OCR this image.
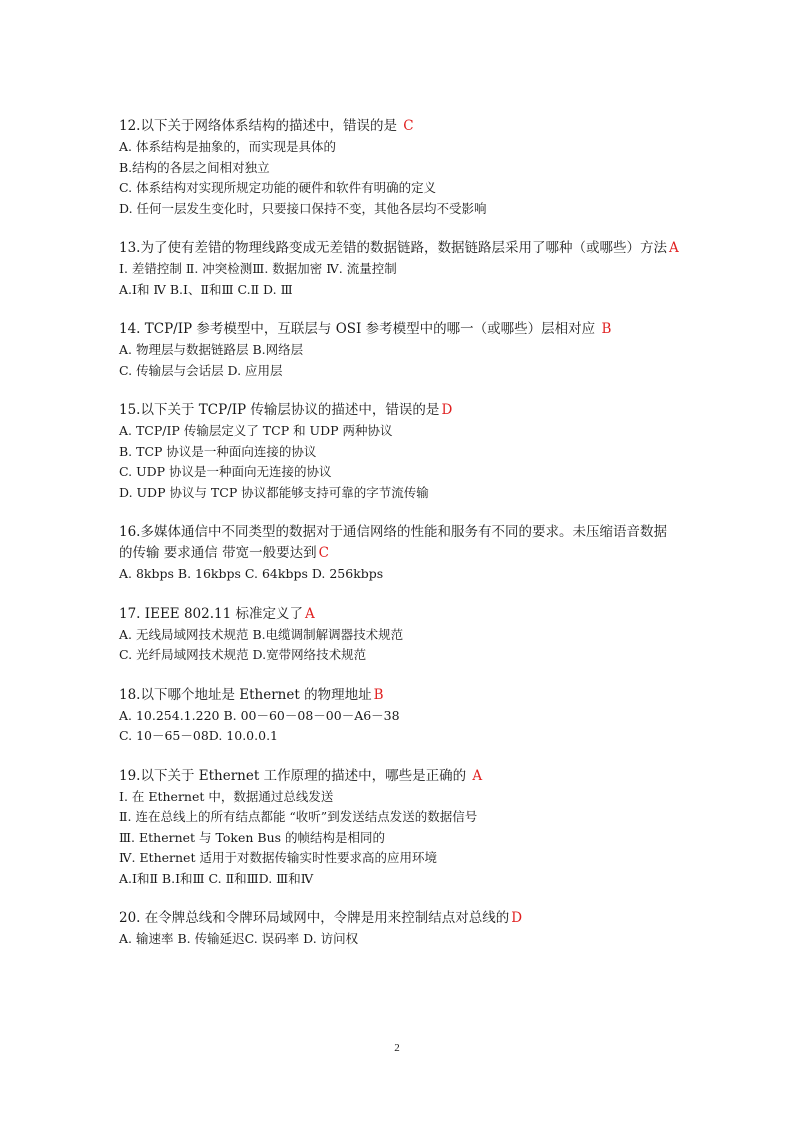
12.以下关于网络体系结构的描述中，错误的是 C
A. 体系结构是抽象的，而实现是具体的
B.结构的各层之间相对独立
C. 体系结构对实现所规定功能的硬件和软件有明确的定义
D. 任何一层发生变化时，只要接口保持不变，其他各层均不受影响
13.为了使有差错的物理线路变成无差错的数据链路，数据链路层采用了哪种（或哪些）方法 A
Ⅰ. 差错控制 Ⅱ. 冲突检测Ⅲ. 数据加密 Ⅳ. 流量控制
A.Ⅰ和 Ⅳ B.Ⅰ、Ⅱ和Ⅲ C.Ⅱ D. Ⅲ
14. TCP/IP 参考模型中，互联层与 OSI 参考模型中的哪一（或哪些）层相对应 B
A. 物理层与数据链路层 B.网络层
C. 传输层与会话层 D. 应用层
15.以下关于 TCP/IP 传输层协议的描述中，错误的是 D
A. TCP/IP 传输层定义了 TCP 和 UDP 两种协议
B. TCP 协议是一种面向连接的协议
C. UDP 协议是一种面向无连接的协议
D. UDP 协议与 TCP 协议都能够支持可靠的字节流传输
16.多媒体通信中不同类型的数据对于通信网络的性能和服务有不同的要求。未压缩语音数据的传输 要求通信 带宽一般要达到 C
A. 8kbps B. 16kbps C. 64kbps D. 256kbps
17. IEEE 802.11 标准定义了 A
A. 无线局域网技术规范 B.电缆调制解调器技术规范
C. 光纤局域网技术规范 D.宽带网络技术规范
18.以下哪个地址是 Ethernet 的物理地址 B
A. 10.254.1.220 B. 00－60－08－00－A6－38
C. 10－65－08D. 10.0.0.1
19.以下关于 Ethernet 工作原理的描述中，哪些是正确的 A
Ⅰ. 在 Ethernet 中，数据通过总线发送
Ⅱ. 连在总线上的所有结点都能 “收听”到发送结点发送的数据信号
Ⅲ. Ethernet 与 Token Bus 的帧结构是相同的
Ⅳ. Ethernet 适用于对数据传输实时性要求高的应用环境
A.Ⅰ和Ⅱ B.Ⅰ和Ⅲ C. Ⅱ和ⅢD. Ⅲ和Ⅳ
20. 在令牌总线和令牌环局域网中，令牌是用来控制结点对总线的 D
A. 输速率 B. 传输延迟C. 误码率 D. 访问权
2
